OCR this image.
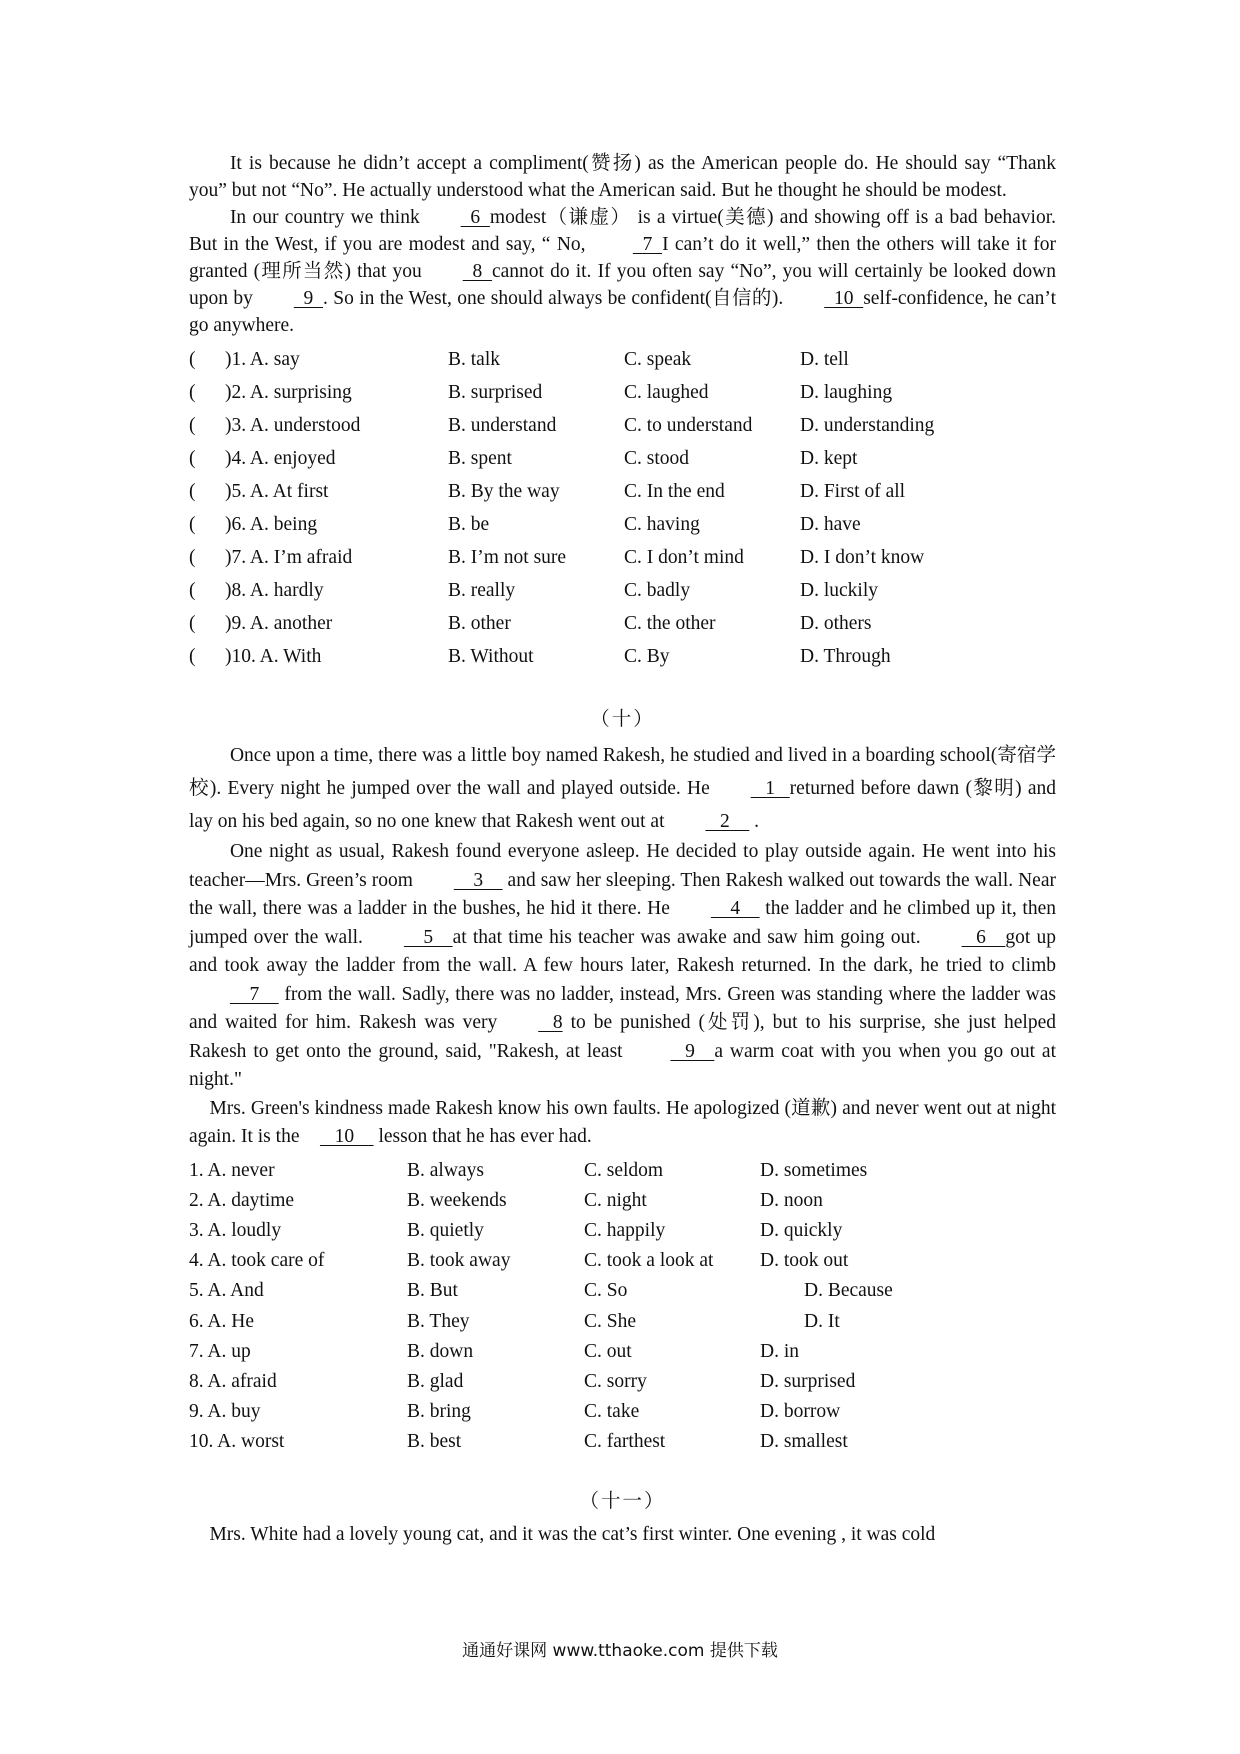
It is because he didn’t accept a compliment(赞扬) as the American people do. He should say “Thank you” but not “No”. He actually understood what the American said. But he thought he should be modest.

In our country we think  6  modest（谦虚） is a virtue(美德) and showing off is a bad behavior. But in the West, if you are modest and say, “ No,   7  I can’t do it well,” then the others will take it for granted (理所当然) that you  8  cannot do it. If you often say “No”, you will certainly be looked down upon by  9  . So in the West, one should always be confident(自信的).  10  self-confidence, he can’t go anywhere.

(	)1. A. say	B. talk	C. speak	D. tell
(	)2. A. surprising	B. surprised	C. laughed	D. laughing
(	)3. A. understood	B. understand	C. to understand	D. understanding
(	)4. A. enjoyed	B. spent	C. stood	D. kept
(	)5. A. At first	B. By the way	C. In the end	D. First of all
(	)6. A. being	B. be	C. having	D. have
(	)7. A. I’m afraid	B. I’m not sure	C. I don’t mind	D. I don’t know
(	)8. A. hardly	B. really	C. badly	D. luckily
(	)9. A. another	B. other	C. the other	D. others
(	)10. A. With	B. Without	C. By	D. Through
（十）

Once upon a time, there was a little boy named Rakesh, he studied and lived in a boarding school(寄宿学校). Every night he jumped over the wall and played outside. He   1   returned before dawn (黎明) and lay on his bed again, so no one knew that Rakesh went out at   2     .

One night as usual, Rakesh found everyone asleep. He decided to play outside again. He went into his teacher—Mrs. Green’s room    3     and saw her sleeping. Then Rakesh walked out towards the wall. Near the wall, there was a ladder in the bushes, he hid it there. He    4     the ladder and he climbed up it, then jumped over the wall.    5    at that time his teacher was awake and saw him going out.   6    got up and took away the ladder from the wall. A few hours later, Rakesh returned. In the dark, he tried to climb    7     from the wall. Sadly, there was no ladder, instead, Mrs. Green was standing where the ladder was and waited for him. Rakesh was very   8 to be punished (处罚), but to his surprise, she just helped Rakesh to get onto the ground, said, "Rakesh, at least    9    a warm coat with you when you go out at night."

Mrs. Green's kindness made Rakesh know his own faults. He apologized (道歉) and never went out at night again. It is the   10     lesson that he has ever had.

1. A. never	B. always	C. seldom	D. sometimes
2. A. daytime	B. weekends	C. night	D. noon
3. A. loudly	B. quietly	C. happily	D. quickly
4. A. took care of	B. took away	C. took a look at	D. took out
5. A. And	B. But	C. So	D. Because
6. A. He	B. They	C. She	D. It
7. A. up	B. down	C. out	D. in
8. A. afraid	B. glad	C. sorry	D. surprised
9. A. buy	B. bring	C. take	D. borrow
10. A. worst	B. best	C. farthest	D. smallest
（十一）

Mrs. White had a lovely young cat, and it was the cat’s first winter. One evening , it was cold

通通好课网 www.tthaoke.com 提供下载
